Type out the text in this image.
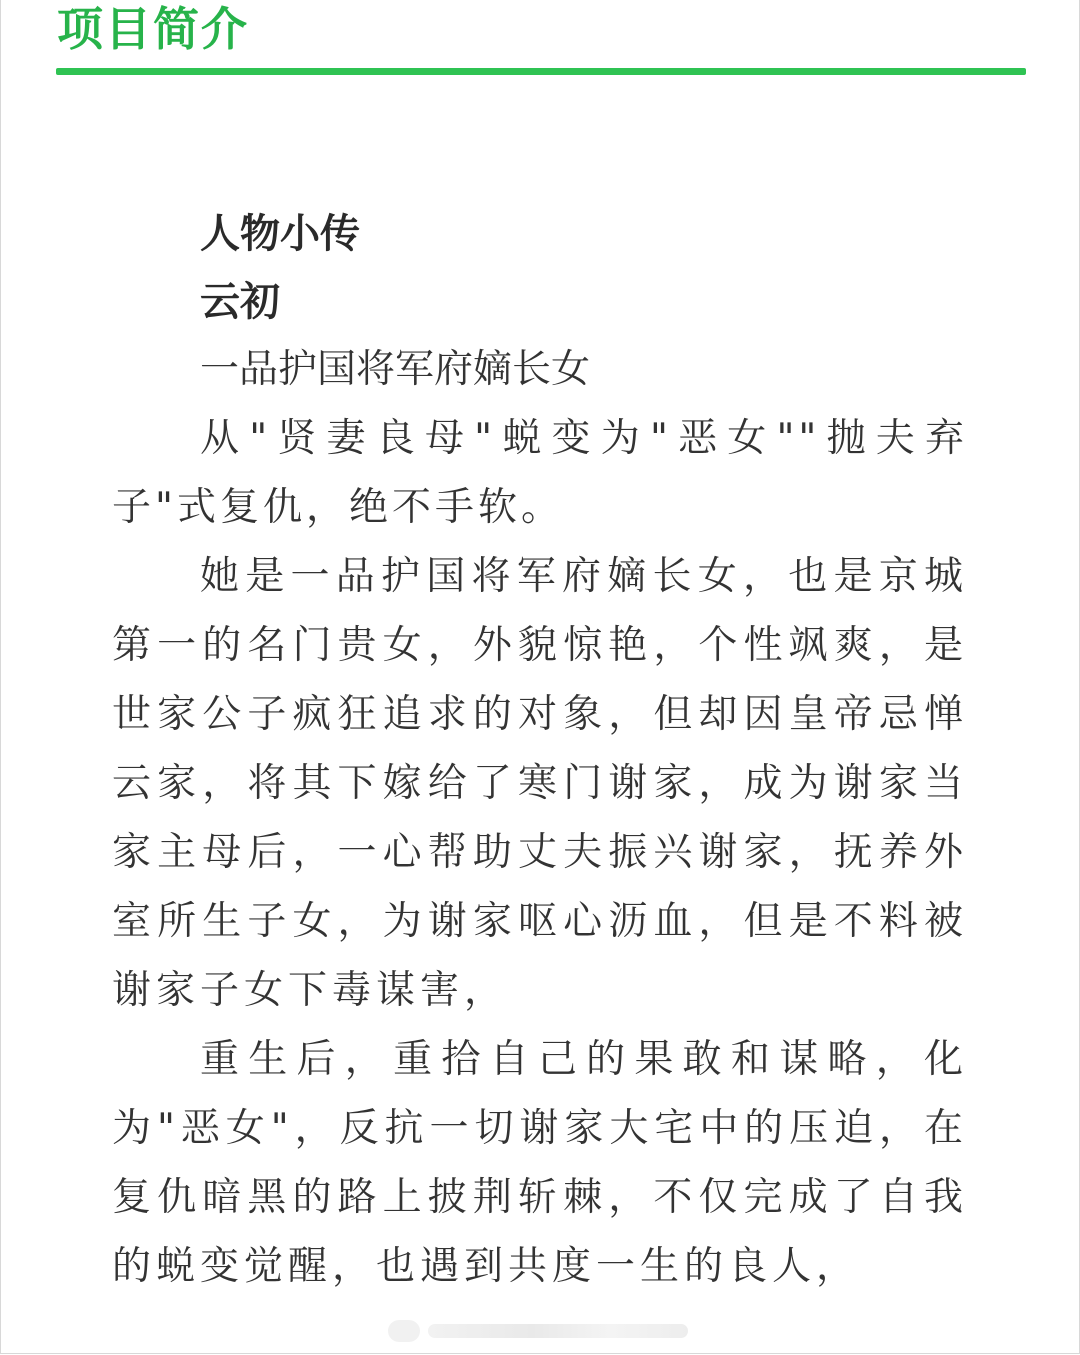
项目简介
人物小传
云初
一品护国将军府嫡长女

从"贤妻良母"蜕变为"恶女""抛夫弃子"式复仇，绝不手软。

她是一品护国将军府嫡长女，也是京城第一的名门贵女，外貌惊艳，个性飒爽，是世家公子疯狂追求的对象，但却因皇帝忌惮云家，将其下嫁给了寒门谢家，成为谢家当家主母后，一心帮助丈夫振兴谢家，抚养外室所生子女，为谢家呕心沥血，但是不料被谢家子女下毒谋害，

重生后，重拾自己的果敢和谋略，化为"恶女"，反抗一切谢家大宅中的压迫，在复仇暗黑的路上披荆斩棘，不仅完成了自我的蜕变觉醒，也遇到共度一生的良人，
